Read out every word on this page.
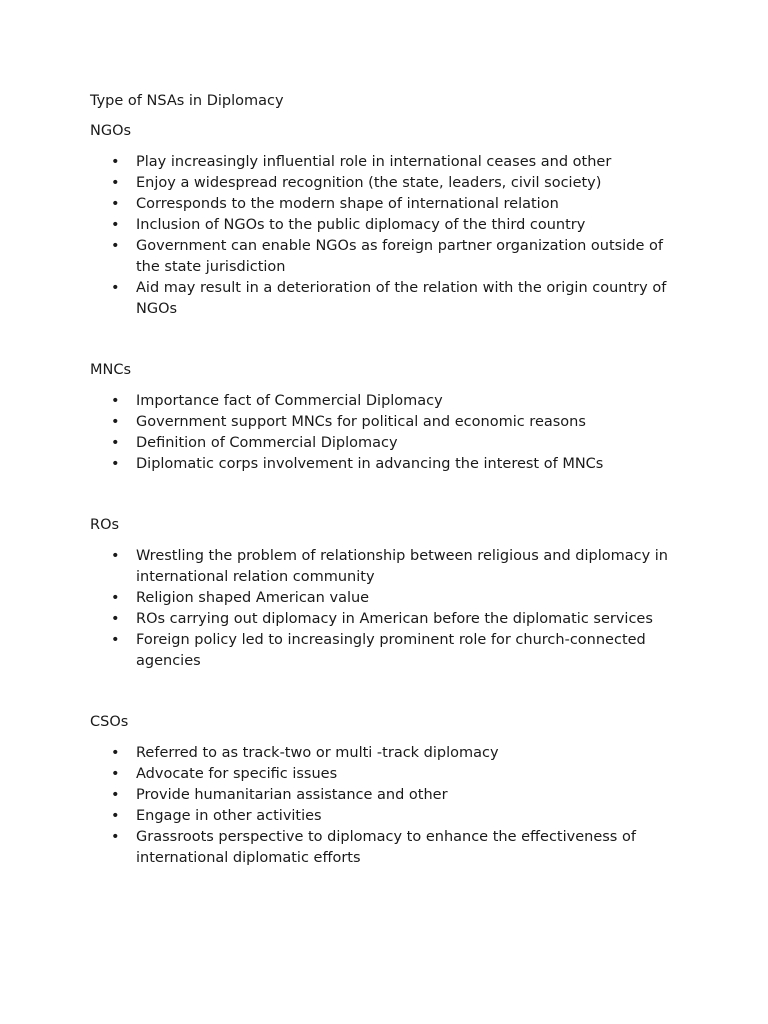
Type of NSAs in Diplomacy

NGOs

• Play increasingly influential role in international ceases and other
• Enjoy a widespread recognition (the state, leaders, civil society)
• Corresponds to the modern shape of international relation
• Inclusion of NGOs to the public diplomacy of the third country
• Government can enable NGOs as foreign partner organization outside of the state jurisdiction
• Aid may result in a deterioration of the relation with the origin country of NGOs

MNCs

• Importance fact of Commercial Diplomacy
• Government support MNCs for political and economic reasons
• Definition of Commercial Diplomacy
• Diplomatic corps involvement in advancing the interest of MNCs

ROs

• Wrestling the problem of relationship between religious and diplomacy in international relation community
• Religion shaped American value
• ROs carrying out diplomacy in American before the diplomatic services
• Foreign policy led to increasingly prominent role for church-connected agencies

CSOs

• Referred to as track-two or multi -track diplomacy
• Advocate for specific issues
• Provide humanitarian assistance and other
• Engage in other activities
• Grassroots perspective to diplomacy to enhance the effectiveness of international diplomatic efforts
